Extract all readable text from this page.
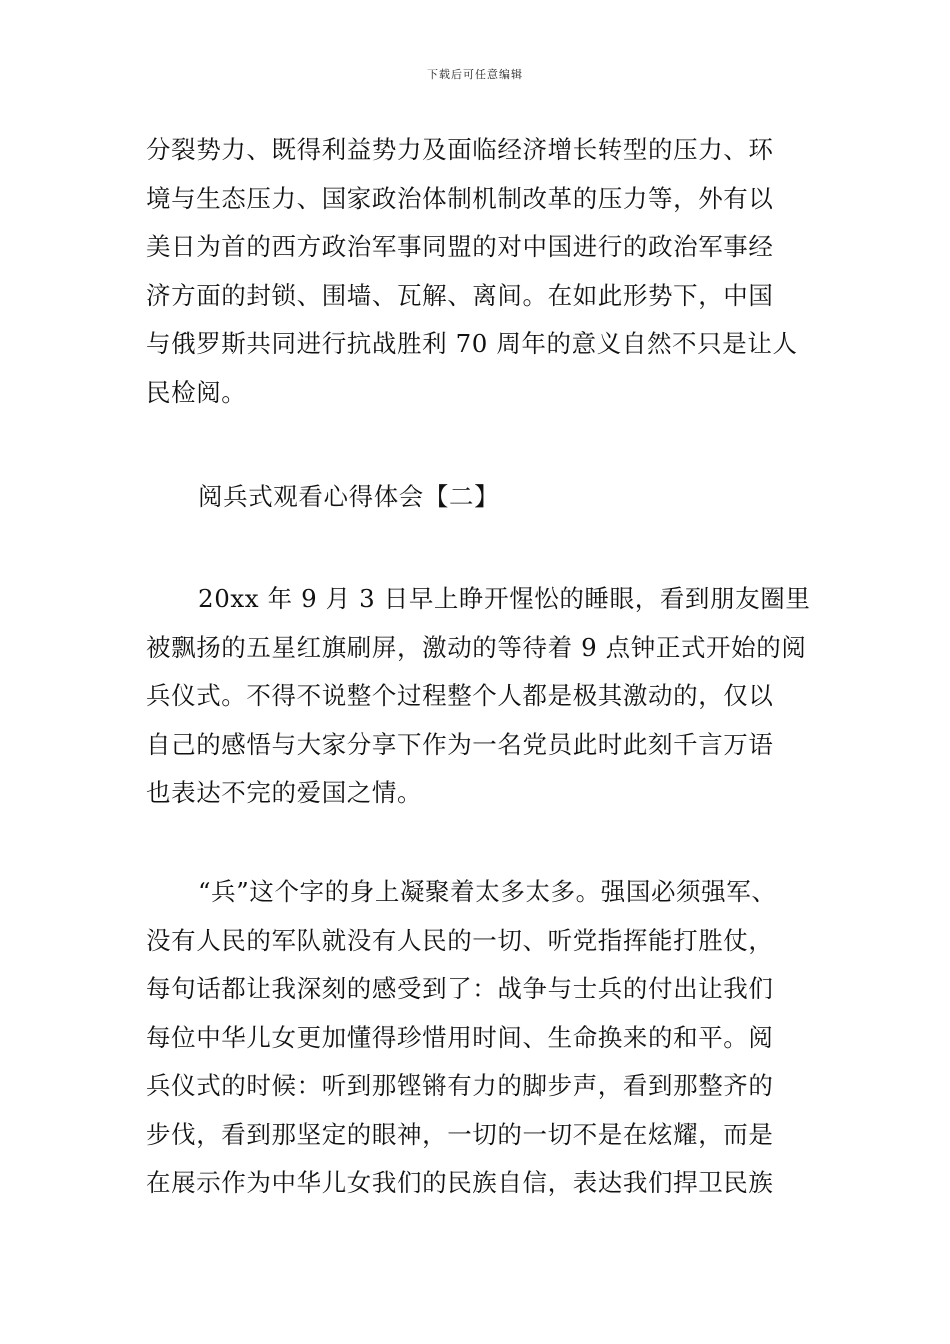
下载后可任意编辑
分裂势力、既得利益势力及面临经济增长转型的压力、环
境与生态压力、国家政治体制机制改革的压力等，外有以
美日为首的西方政治军事同盟的对中国进行的政治军事经
济方面的封锁、围墙、瓦解、离间。在如此形势下，中国
与俄罗斯共同进行抗战胜利 70 周年的意义自然不只是让人
民检阅。
阅兵式观看心得体会【二】
20xx 年 9 月 3 日早上睁开惺忪的睡眼，看到朋友圈里
被飘扬的五星红旗刷屏，激动的等待着 9 点钟正式开始的阅
兵仪式。不得不说整个过程整个人都是极其激动的，仅以
自己的感悟与大家分享下作为一名党员此时此刻千言万语
也表达不完的爱国之情。
“兵”这个字的身上凝聚着太多太多。强国必须强军、
没有人民的军队就没有人民的一切、听党指挥能打胜仗，
每句话都让我深刻的感受到了：战争与士兵的付出让我们
每位中华儿女更加懂得珍惜用时间、生命换来的和平。阅
兵仪式的时候：听到那铿锵有力的脚步声，看到那整齐的
步伐，看到那坚定的眼神，一切的一切不是在炫耀，而是
在展示作为中华儿女我们的民族自信，表达我们捍卫民族
